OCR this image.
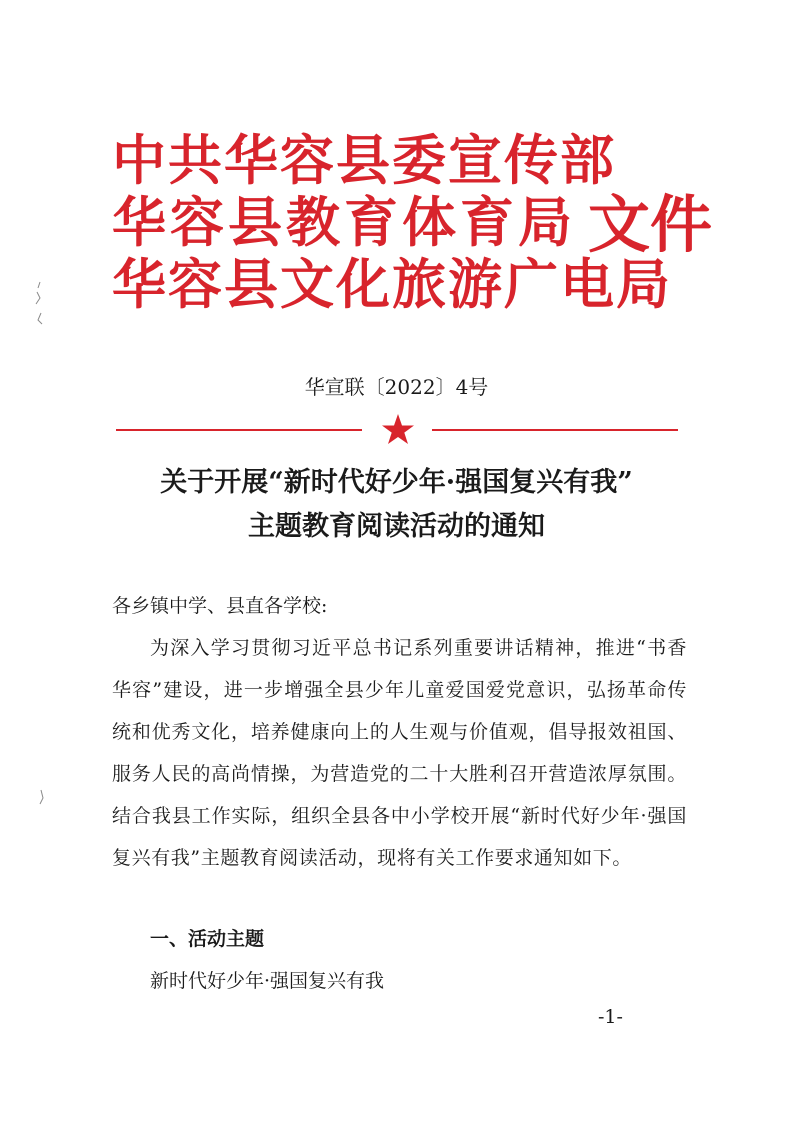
中共华容县委宣传部
华容县教育体育局
华容县文化旅游广电局
文件
华宣联〔2022〕4号
关于开展“新时代好少年·强国复兴有我”
主题教育阅读活动的通知
各乡镇中学、县直各学校:
为深入学习贯彻习近平总书记系列重要讲话精神，推进“书香华容”建设，进一步增强全县少年儿童爱国爱党意识，弘扬革命传统和优秀文化，培养健康向上的人生观与价值观，倡导报效祖国、服务人民的高尚情操，为营造党的二十大胜利召开营造浓厚氛围。结合我县工作实际，组织全县各中小学校开展“新时代好少年·强国复兴有我”主题教育阅读活动，现将有关工作要求通知如下。
一、活动主题
新时代好少年·强国复兴有我
-1-
